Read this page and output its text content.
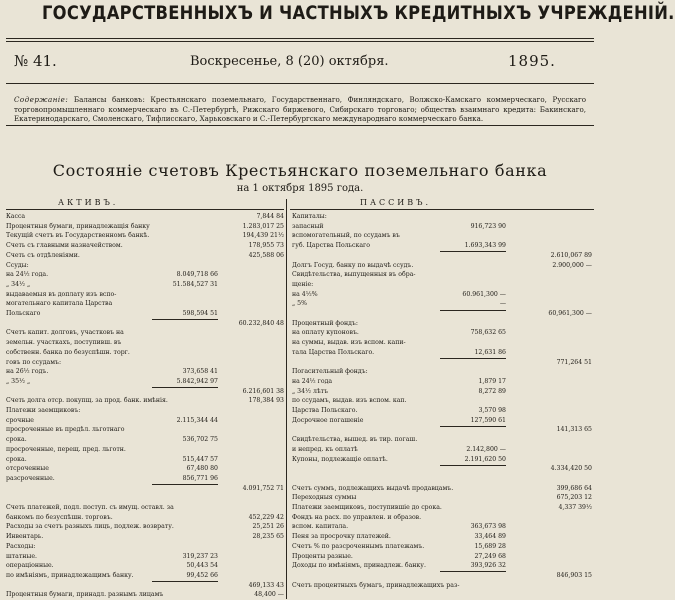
ГОСУДАРСТВЕННЫХЪ И ЧАСТНЫХЪ КРЕДИТНЫХЪ УЧРЕЖДЕНІЙ.
№ 41.	Воскресенье, 8 (20) октября.	1895.
Содержаніе: Балансы банковъ: Крестьянскаго поземельнаго, Государственнаго, Финляндскаго, Волжско-Камскаго коммерческаго, Русскаго торговопромышленнаго коммерческаго въ С.-Петербургѣ, Рижскаго биржевого, Сибирскаго торговаго; обществъ взаимнаго кредита: Бакинскаго, Екатеринодарскаго, Смоленскаго, Тифлисскаго, Харьковскаго и С.-Петербургскаго международнаго коммерческаго банка.
Состояніе счетовъ Крестьянскаго поземельнаго банка
на 1 октября 1895 года.
АКТИВЪ.	ПАССИВЪ.
Касса	7,844 84
Процентныя бумаги, принадлежащія банку	1.283,017 25
Текущій счетъ въ Государственномъ банкѣ.	194,439 21½
Счеть съ главными назначейством.	178,955 73
Счеть съ отдѣленіями.	425,588 06
Ссуды:
на 24½ года.	8.049,718 66
„ 34½ „	51.584,527 31
выдаваемыя въ доплату изъ вспо-
могательнаго капитала Царства
Польскаго	598,594 51
60.232,840 48
Счетъ капит. долговъ, участковъ на
земельн. участкахъ, поступивш. въ
собственн. банка по безуспѣшн. торг.
говъ по ссудамъ:
на 26½ годъ.	373,658 41
„ 35½ „	5.842,942 97
6.216,601 38
Счеть долга отср. покупщ. за прод. банк. имѣнія.	178,384 93
Платежи заемщиковъ:
срочные	2.115,344 44
просроченные въ предѣл. льготнаго
срока.	536,702 75
просроченные, перещ. пред. льготн.
срока.	515,447 57
отсроченные	67,480 80
разсроченные.	856,771 96
4.091,752 71
Счеть платежей, подл. поступ. съ имущ. оставл. за
банкомъ по безуспѣшн. торговъ.	452,229 42
Расходы за счетъ разныхъ лицъ, подлеж. возврату.	25,251 26
Инвентарь.	28,235 65
Расходы:
штатные.	319,237 23
операціонные.	50,443 54
по имѣніямъ, принадлежащимъ банку.	99,452 66
469,133 43
Процентныя бумаги, принадл. разнымъ лицамъ	48,400 —
Капиталы:
запасный	916,723 90
вспомогательный, по ссудамъ въ
губ. Царства Польскаго	1.693,343 99
2.610,067 89
Долгъ Госуд. банку по выдачѣ ссудъ.	2.900,000 —
Свидѣтельства, выпущенныя въ обра-
щеніе:
на 4½%	60.961,300 —
„ 5%	—
60,961,300 —
Процентный фондъ:
на оплату купоновъ.	758,632 65
на суммы, выдав. изъ вспом. капи-
тала Царства Польскаго.	12,631 86
771,264 51
Погасительный фондъ:
на 24½ года	1,879 17
„ 34½ лѣтъ	8,272 89
по ссудамъ, выдав. изъ вспом. кап.
Царства Польскаго.	3,570 98
Досрочное погашеніе	127,590 61
141,313 65
Свидѣтельства, вышед. въ тир. погаш.
и непред. къ оплатѣ	2.142,800 —
Купоны, подлежащіе оплатѣ.	2.191,620 50
4.334,420 50
Счетъ суммъ, подлежащихъ выдачѣ продавцамъ.	399,686 64
Переходныя суммы	675,203 12
Платежи заемщиковъ, поступившіе до срока.	4,337 39½
Фондъ на расх. по управлен. и образов.
вспом. капитала.	363,673 98
Пеня за просрочку платежей.	33,464 89
Счетъ % по разсроченнымъ платежамъ.	15,689 28
Проценты разные.	27,249 68
Доходы по имѣніямъ, принадлеж. банку.	393,926 32
846,903 15
Счетъ процентныхъ бумагъ, принадлежащихъ раз-
